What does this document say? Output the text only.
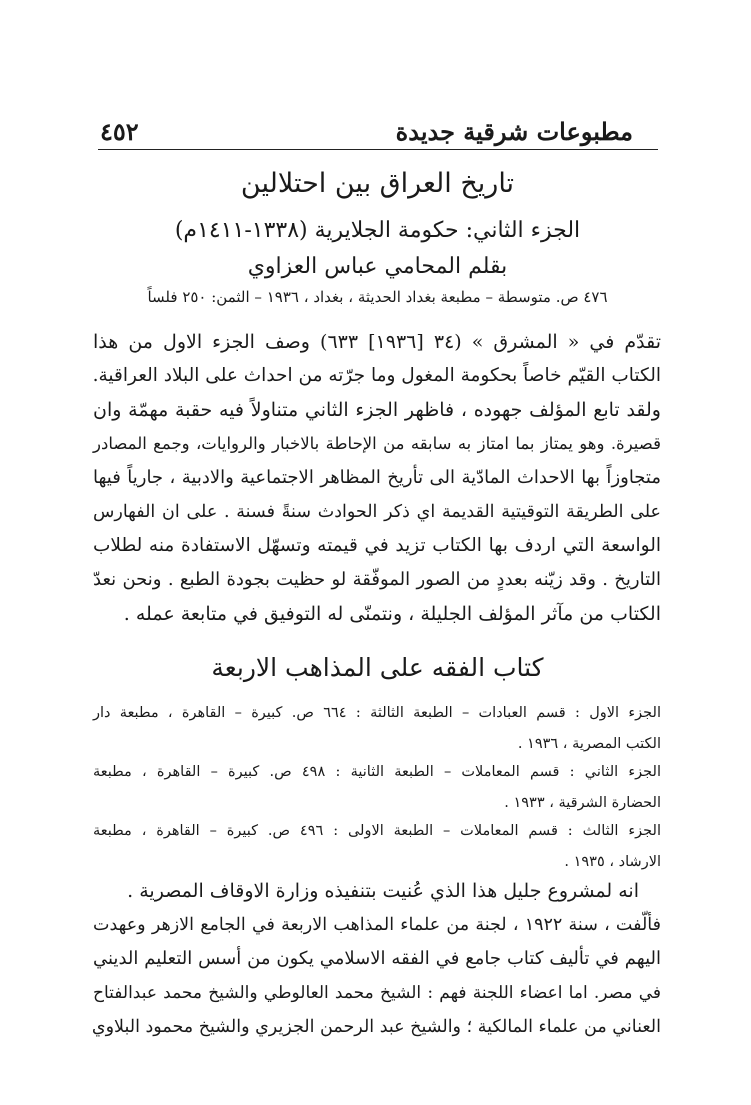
مطبوعات شرقية جديدة
٤٥٢
تاريخ العراق بين احتلالين
الجزء الثاني: حكومة الجلايرية (١٣٣٨-١٤١١م)
بقلم المحامي عباس العزاوي
٤٧٦ ص. متوسطة – مطبعة بغداد الحديثة ، بغداد ، ١٩٣٦ – الثمن: ٢٥٠ فلساً
تقدّم في « المشرق » (٣٤ [١٩٣٦] ٦٣٣) وصف الجزء الاول من هذا
الكتاب القيّم خاصاً بحكومة المغول وما جرّته من احداث على البلاد العراقية.
ولقد تابع المؤلف جهوده ، فاظهر الجزء الثاني متناولاً فيه حقبة مهمّة وان
قصيرة. وهو يمتاز بما امتاز به سابقه من الإحاطة بالاخبار والروايات، وجمع المصادر
متجاوزاً بها الاحداث المادّية الى تأريخ المظاهر الاجتماعية والادبية ، جارياً فيها
على الطريقة التوقيتية القديمة اي ذكر الحوادث سنةً فسنة . على ان الفهارس
الواسعة التي اردف بها الكتاب تزيد في قيمته وتسهّل الاستفادة منه لطلاب
التاريخ . وقد زيّنه بعددٍ من الصور الموفّقة لو حظيت بجودة الطبع . ونحن نعدّ
الكتاب من مآثر المؤلف الجليلة ، ونتمنّى له التوفيق في متابعة عمله .
كتاب الفقه على المذاهب الاربعة
الجزء الاول : قسم العبادات – الطبعة الثالثة : ٦٦٤ ص. كبيرة – القاهرة ، مطبعة دار
الكتب المصرية ، ١٩٣٦ .
الجزء الثاني : قسم المعاملات – الطبعة الثانية : ٤٩٨ ص. كبيرة – القاهرة ، مطبعة
الحضارة الشرقية ، ١٩٣٣ .
الجزء الثالث : قسم المعاملات – الطبعة الاولى : ٤٩٦ ص. كبيرة – القاهرة ، مطبعة
الارشاد ، ١٩٣٥ .
انه لمشروع جليل هذا الذي عُنيت بتنفيذه وزارة الاوقاف المصرية .
فألّفت ، سنة ١٩٢٢ ، لجنة من علماء المذاهب الاربعة في الجامع الازهر وعهدت
اليهم في تأليف كتاب جامع في الفقه الاسلامي يكون من أسس التعليم الديني
في مصر. اما اعضاء اللجنة فهم : الشيخ محمد العالوطي والشيخ محمد عبدالفتاح
العناني من علماء المالكية ؛ والشيخ عبد الرحمن الجزيري والشيخ محمود البلاوي
